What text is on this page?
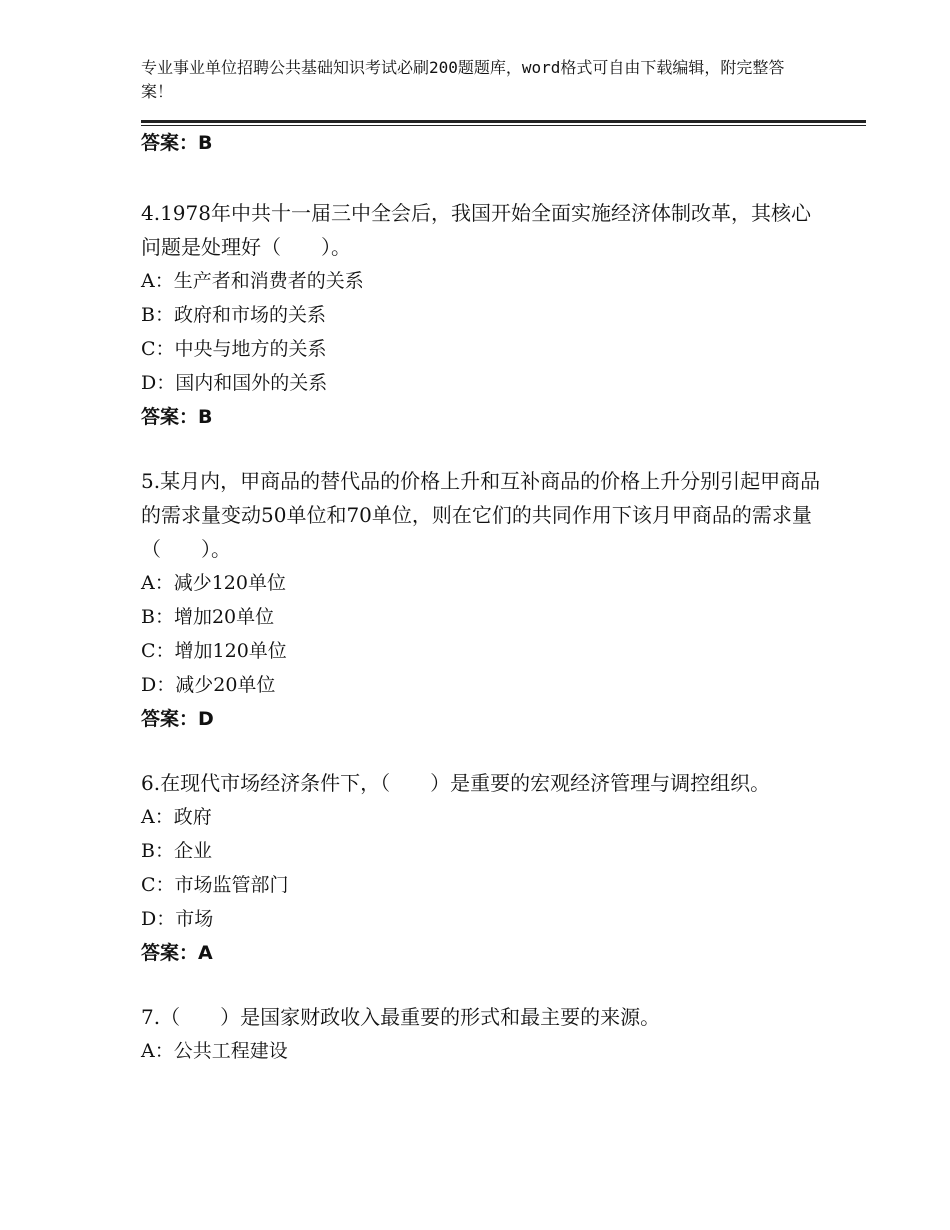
专业事业单位招聘公共基础知识考试必刷200题题库，word格式可自由下载编辑，附完整答案！
答案：B

4.1978年中共十一届三中全会后，我国开始全面实施经济体制改革，其核心问题是处理好（　　）。

A：生产者和消费者的关系

B：政府和市场的关系

C：中央与地方的关系

D：国内和国外的关系

答案：B

5.某月内，甲商品的替代品的价格上升和互补商品的价格上升分别引起甲商品的需求量变动50单位和70单位，则在它们的共同作用下该月甲商品的需求量（　　）。

A：减少120单位

B：增加20单位

C：增加120单位

D：减少20单位

答案：D

6.在现代市场经济条件下，（　　）是重要的宏观经济管理与调控组织。

A：政府

B：企业

C：市场监管部门

D：市场

答案：A

7.（　　）是国家财政收入最重要的形式和最主要的来源。

A：公共工程建设
